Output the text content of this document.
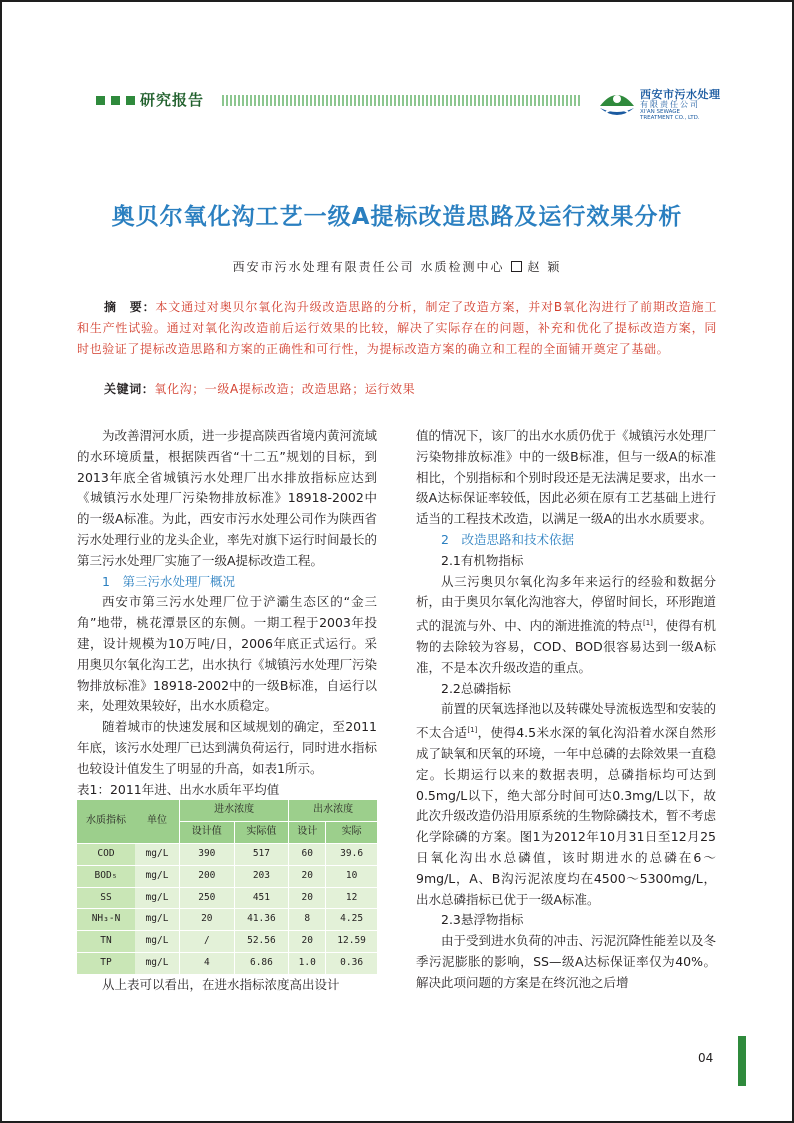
研究报告	西安市污水处理
有限责任公司
XI'AN SEWAGE
TREATMENT CO., LTD.
奥贝尔氧化沟工艺一级A提标改造思路及运行效果分析
西安市污水处理有限责任公司 水质检测中心 赵 颖
摘　要：本文通过对奥贝尔氧化沟升级改造思路的分析，制定了改造方案，并对B氧化沟进行了前期改造施工和生产性试验。通过对氧化沟改造前后运行效果的比较，解决了实际存在的问题，补充和优化了提标改造方案，同时也验证了提标改造思路和方案的正确性和可行性，为提标改造方案的确立和工程的全面铺开奠定了基础。
关键词：氧化沟；一级A提标改造；改造思路；运行效果

为改善渭河水质，进一步提高陕西省境内黄河流域的水环境质量，根据陕西省“十二五”规划的目标，到2013年底全省城镇污水处理厂出水排放指标应达到《城镇污水处理厂污染物排放标准》18918-2002中的一级A标准。为此，西安市污水处理公司作为陕西省污水处理行业的龙头企业，率先对旗下运行时间最长的第三污水处理厂实施了一级A提标改造工程。

1　第三污水处理厂概况

西安市第三污水处理厂位于浐灞生态区的“金三角”地带，桃花潭景区的东侧。一期工程于2003年投建，设计规模为10万吨/日，2006年底正式运行。采用奥贝尔氧化沟工艺，出水执行《城镇污水处理厂污染物排放标准》18918-2002中的一级B标准，自运行以来，处理效果较好，出水水质稳定。

随着城市的快速发展和区域规划的确定，至2011年底，该污水处理厂已达到满负荷运行，同时进水指标也较设计值发生了明显的升高，如表1所示。

表1：2011年进、出水水质年平均值

水质指标	单位	进水浓度		出水浓度	
		设计值	实际值	设计	实际
COD	mg/L	390	517	60	39.6
BOD₅	mg/L	200	203	20	10
SS	mg/L	250	451	20	12
NH₃-N	mg/L	20	41.36	8	4.25
TN	mg/L	/	52.56	20	12.59
TP	mg/L	4	6.86	1.0	0.36

从上表可以看出，在进水指标浓度高出设计

值的情况下，该厂的出水水质仍优于《城镇污水处理厂污染物排放标准》中的一级B标准，但与一级A的标准相比，个别指标和个别时段还是无法满足要求，出水一级A达标保证率较低，因此必须在原有工艺基础上进行适当的工程技术改造，以满足一级A的出水水质要求。

2　改造思路和技术依据

2.1有机物指标

从三污奥贝尔氧化沟多年来运行的经验和数据分析，由于奥贝尔氧化沟池容大，停留时间长，环形跑道式的混流与外、中、内的渐进推流的特点[1]，使得有机物的去除较为容易，COD、BOD很容易达到一级A标准，不是本次升级改造的重点。

2.2总磷指标

前置的厌氧选择池以及转碟处导流板选型和安装的不太合适[1]，使得4.5米水深的氧化沟沿着水深自然形成了缺氧和厌氧的环境，一年中总磷的去除效果一直稳定。长期运行以来的数据表明，总磷指标均可达到0.5mg/L以下，绝大部分时间可达0.3mg/L以下，故此次升级改造仍沿用原系统的生物除磷技术，暂不考虑化学除磷的方案。图1为2012年10月31日至12月25日氧化沟出水总磷值，该时期进水的总磷在6～9mg/L，A、B沟污泥浓度均在4500～5300mg/L，出水总磷指标已优于一级A标准。

2.3悬浮物指标

由于受到进水负荷的冲击、污泥沉降性能差以及冬季污泥膨胀的影响，SS—级A达标保证率仅为40%。解决此项问题的方案是在终沉池之后增

04
